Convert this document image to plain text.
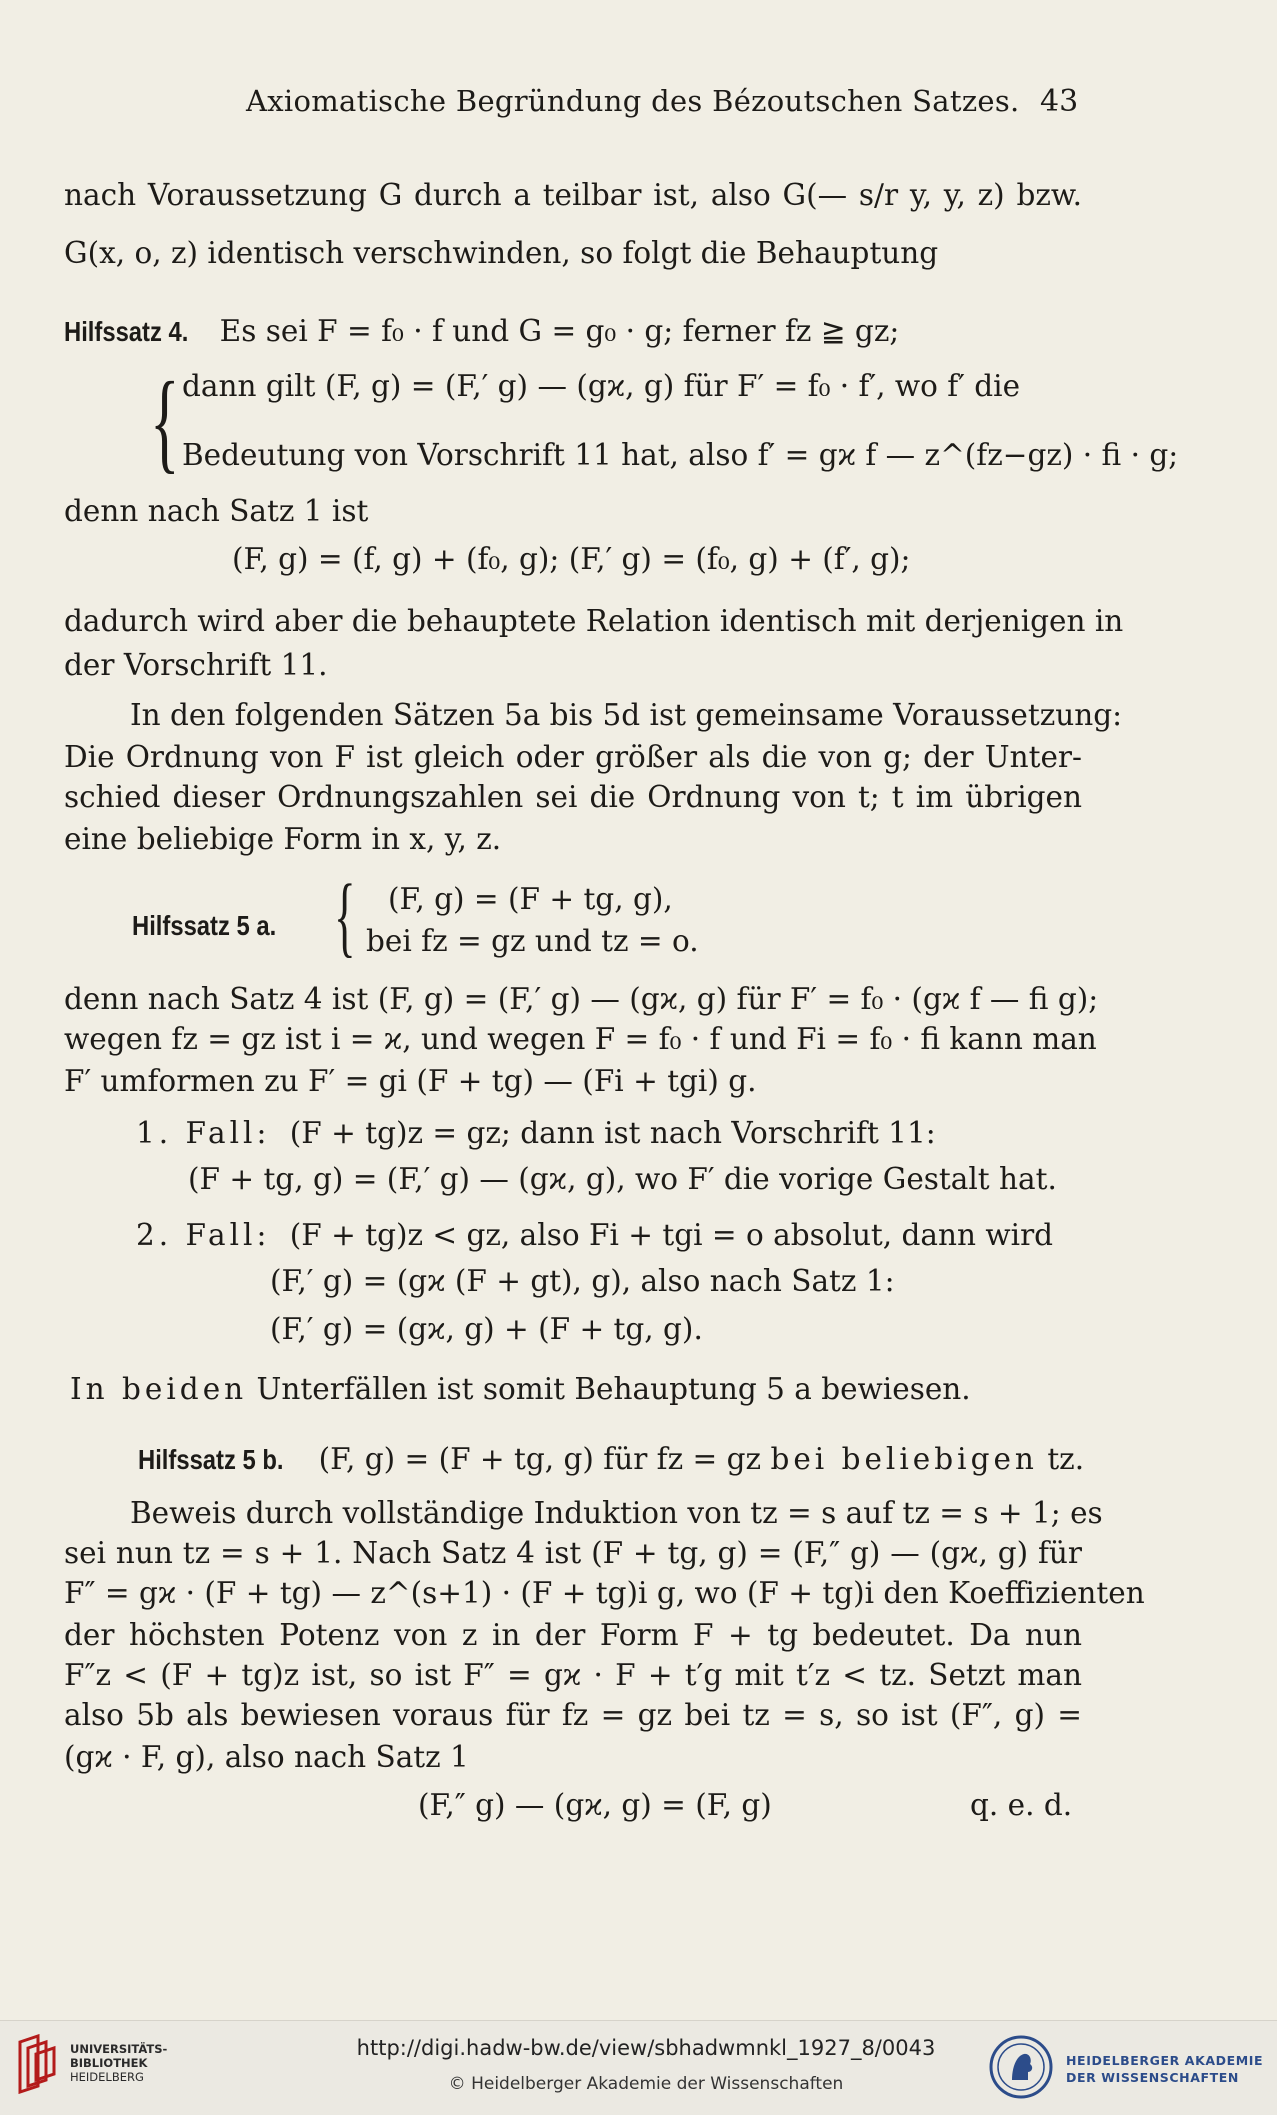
Axiomatische Begründung des Bézoutschen Satzes. 43
nach Voraussetzung G durch a teilbar ist, also G(— s/r y, y, z) bzw.
G(x, o, z) identisch verschwinden, so folgt die Behauptung
Hilfssatz 4. Es sei F = f₀ · f und G = g₀ · g; ferner fz ≧ gz;
{ dann gilt (F, g) = (F,′ g) — (gϰ, g) für F′ = f₀ · f′, wo f′ die
Bedeutung von Vorschrift 11 hat, also f′ = gϰ f — z^(fz−gz) · fi · g;
denn nach Satz 1 ist
(F, g) = (f, g) + (f₀, g); (F,′ g) = (f₀, g) + (f′, g);
dadurch wird aber die behauptete Relation identisch mit derjenigen in
der Vorschrift 11.
In den folgenden Sätzen 5a bis 5d ist gemeinsame Voraussetzung:
Die Ordnung von F ist gleich oder größer als die von g; der Unter-
schied dieser Ordnungszahlen sei die Ordnung von t; t im übrigen
eine beliebige Form in x, y, z.
Hilfssatz 5 a. { (F, g) = (F + tg, g),
bei fz = gz und tz = o.
denn nach Satz 4 ist (F, g) = (F,′ g) — (gϰ, g) für F′ = f₀ · (gϰ f — fi g);
wegen fz = gz ist i = ϰ, und wegen F = f₀ · f und Fi = f₀ · fi kann man
F′ umformen zu F′ = gi (F + tg) — (Fi + tgi) g.
1. Fall: (F + tg)z = gz; dann ist nach Vorschrift 11:
(F + tg, g) = (F,′ g) — (gϰ, g), wo F′ die vorige Gestalt hat.
2. Fall: (F + tg)z < gz, also Fi + tgi = o absolut, dann wird
(F,′ g) = (gϰ (F + gt), g), also nach Satz 1:
(F,′ g) = (gϰ, g) + (F + tg, g).
In beiden Unterfällen ist somit Behauptung 5 a bewiesen.
Hilfssatz 5 b. (F, g) = (F + tg, g) für fz = gz bei beliebigen tz.
Beweis durch vollständige Induktion von tz = s auf tz = s + 1; es
sei nun tz = s + 1. Nach Satz 4 ist (F + tg, g) = (F,″ g) — (gϰ, g) für
F″ = gϰ · (F + tg) — z^(s+1) · (F + tg)i g, wo (F + tg)i den Koeffizienten
der höchsten Potenz von z in der Form F + tg bedeutet. Da nun
F″z < (F + tg)z ist, so ist F″ = gϰ · F + t′g mit t′z < tz. Setzt man
also 5b als bewiesen voraus für fz = gz bei tz = s, so ist (F″, g) =
(gϰ · F, g), also nach Satz 1
(F,″ g) — (gϰ, g) = (F, g)	q. e. d.
UNIVERSITÄTS-
BIBLIOTHEK
HEIDELBERG
http://digi.hadw-bw.de/view/sbhadwmnkl_1927_8/0043
© Heidelberger Akademie der Wissenschaften
HEIDELBERGER AKADEMIE
DER WISSENSCHAFTEN
